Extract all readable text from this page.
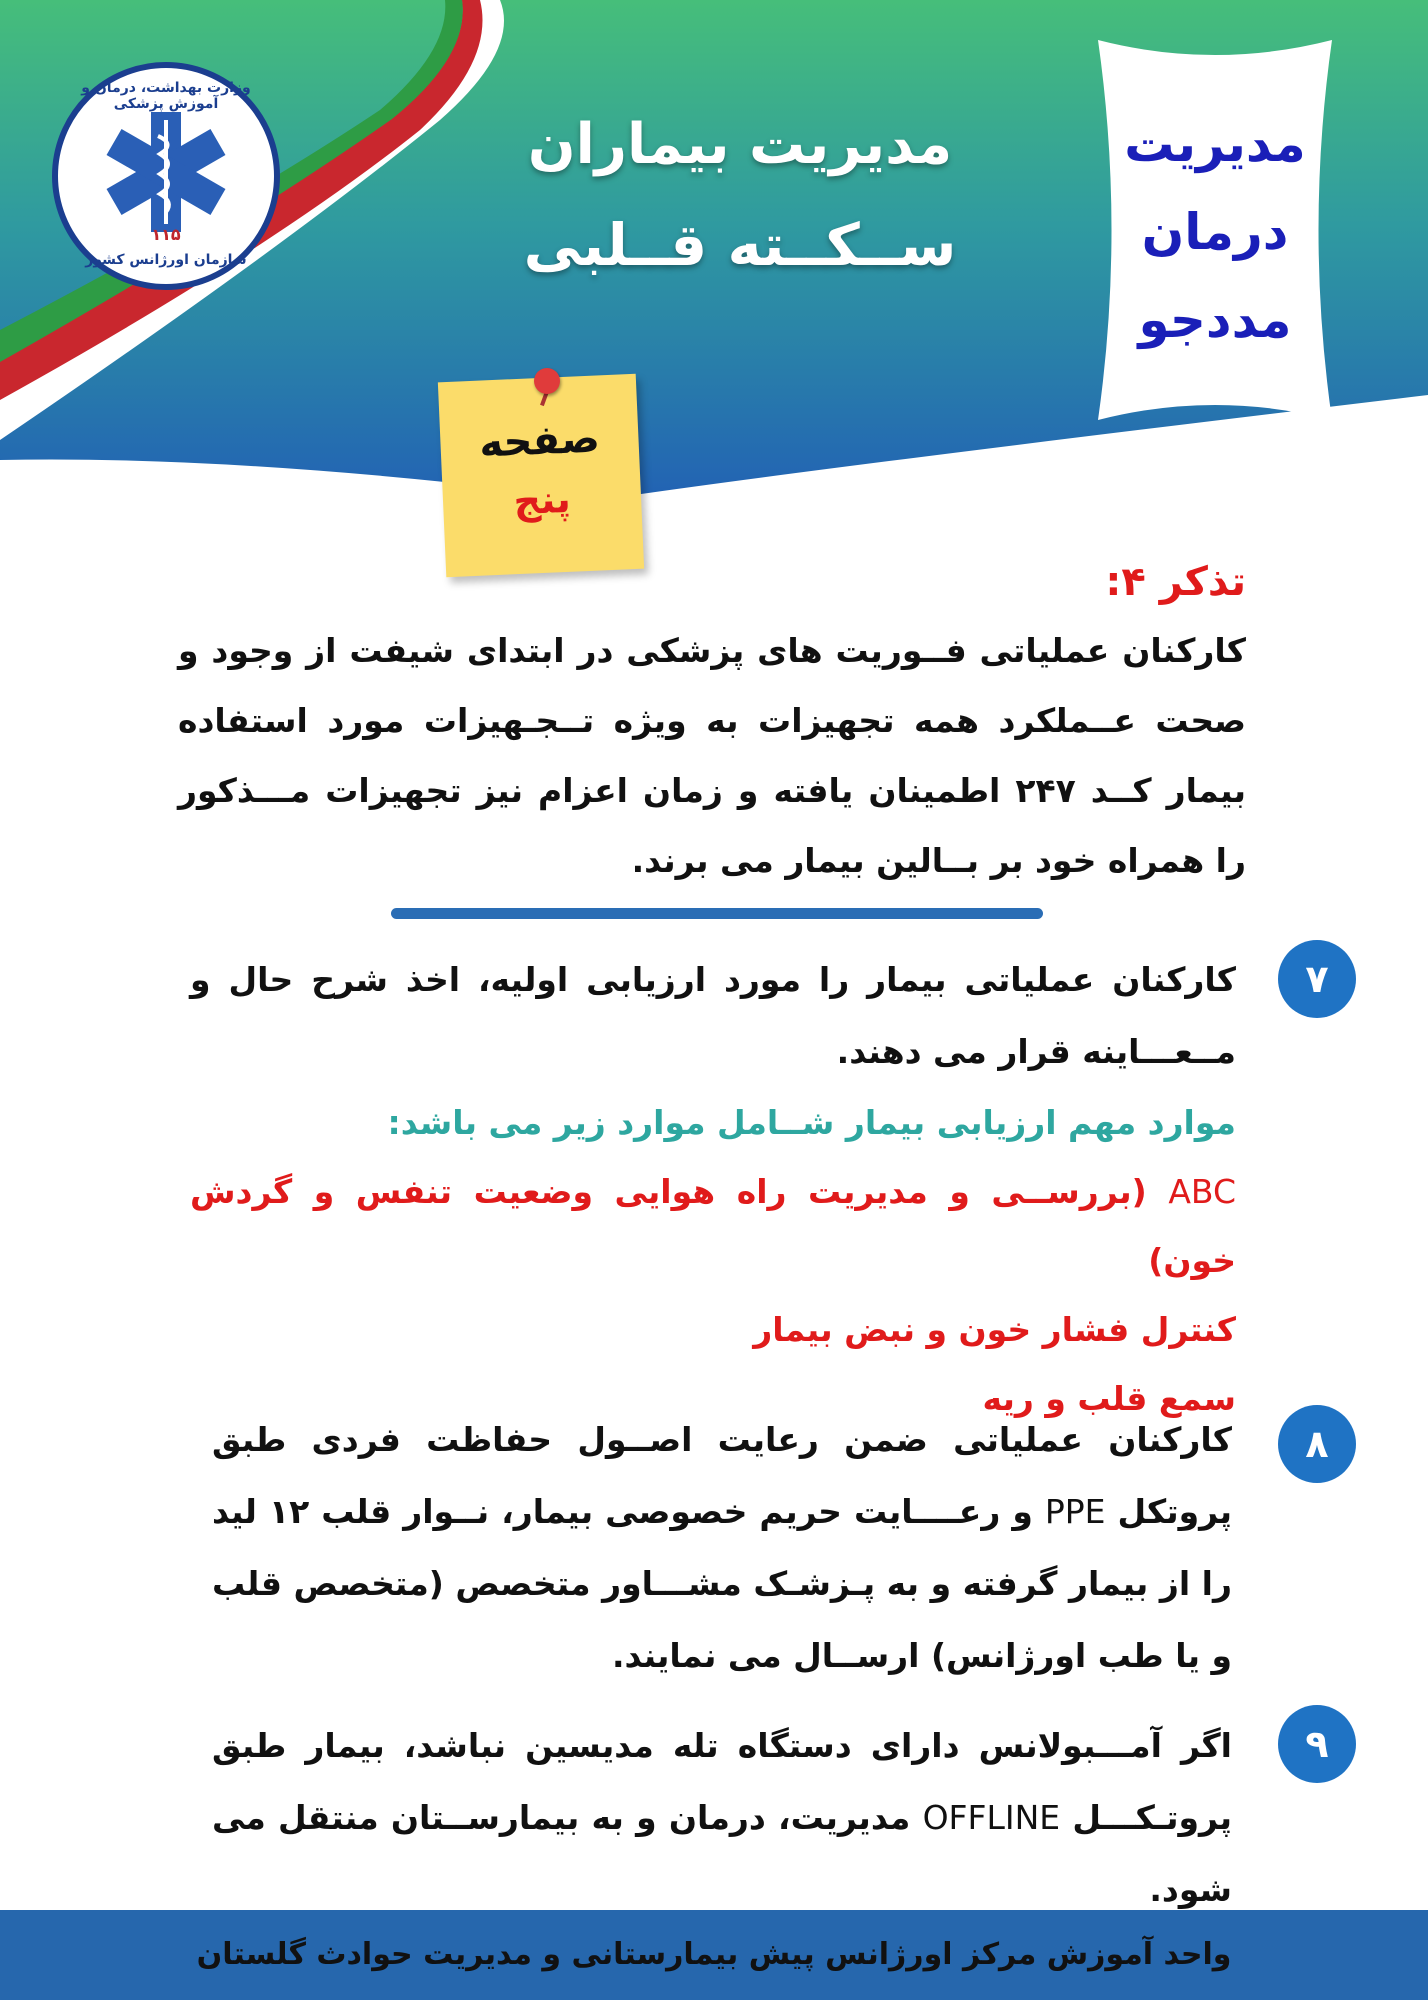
وزارت بهداشت، درمان و آموزش پزشکی
۱۱۵
سازمان اورژانس کشور
مدیریت بیماران
ســکــته قــلبی
مدیریت
درمان
مددجو
صفحه
پنج
تذکر ۴:
کارکنان عملیاتی فــوریت های پزشکی در ابتدای شیفت از وجود و صحت عــملکرد همه تجهیزات به ویژه تــجـهیزات مورد استفاده بیمار کــد ۲۴۷ اطمینان یافته و زمان اعزام نیز تجهیزات مـــذکور را همراه خود بر بــالین بیمار می برند.
۷
کارکنان عملیاتی بیمار را مورد ارزیابی اولیه، اخذ شرح حال و مــعـــاینه قرار می دهند.
موارد مهم ارزیابی بیمار شــامل موارد زیر می باشد:
ABC (بررســی و مدیریت راه هوایی وضعیت تنفس و گردش خون)
کنترل فشار خون و نبض بیمار
سمع قلب و ریه
۸
کارکنان عملیاتی ضمن رعایت اصــول حفاظت فردی طبق پروتکل PPE و رعــــایت حریم خصوصی بیمار، نــوار قلب ۱۲ لید را از بیمار گرفته و به پـزشـک مشـــاور متخصص (متخصص قلب و یا طب اورژانس) ارســال می نمایند.
۹
اگر آمـــبولانس دارای دستگاه تله مدیسین نباشد، بیمار طبق پروتـکـــل OFFLINE مدیریت، درمان و به بیمارســتان منتقل می شود.
واحد آموزش مرکز اورژانس پیش بیمارستانی و مدیریت حوادث گلستان
